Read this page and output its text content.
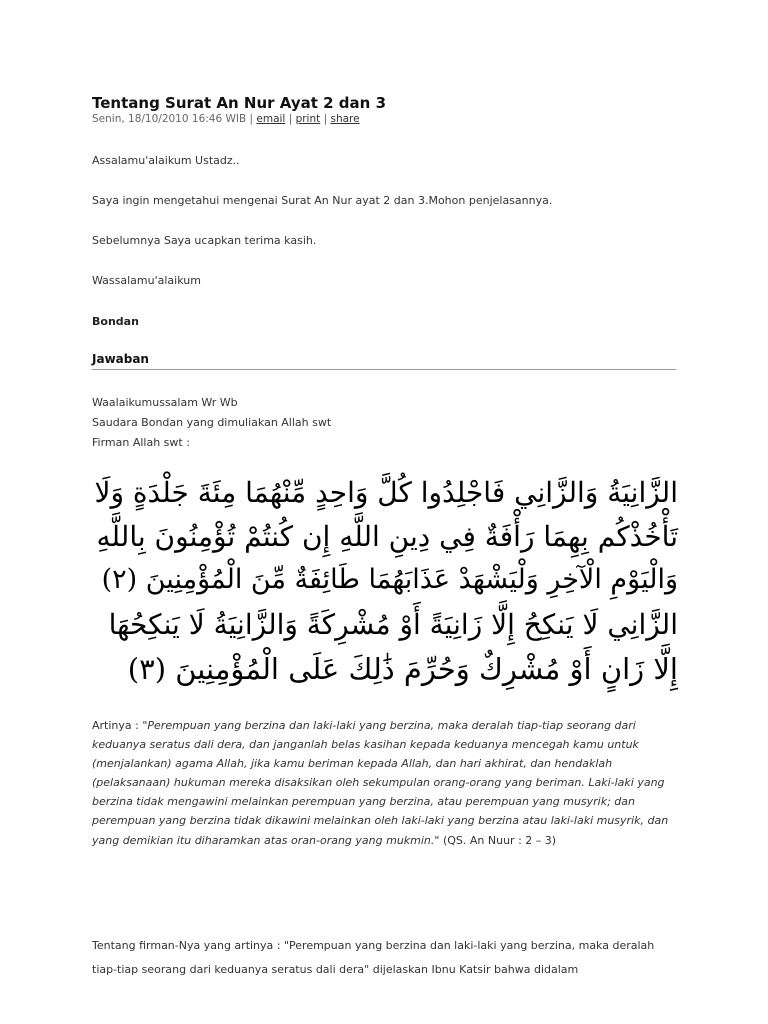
Tentang Surat An Nur Ayat 2 dan 3
Senin, 18/10/2010 16:46 WIB | email | print | share
Assalamu'alaikum Ustadz..
Saya ingin mengetahui mengenai Surat An Nur ayat 2 dan 3.Mohon penjelasannya.
Sebelumnya Saya ucapkan terima kasih.
Wassalamu'alaikum
Bondan
Jawaban
Waalaikumussalam Wr Wb
Saudara Bondan yang dimuliakan Allah swt
Firman Allah swt :
الزَّانِيَةُ وَالزَّانِي فَاجْلِدُوا كُلَّ وَاحِدٍ مِّنْهُمَا مِئَةَ جَلْدَةٍ وَلَا
تَأْخُذْكُم بِهِمَا رَأْفَةٌ فِي دِينِ اللَّهِ إِن كُنتُمْ تُؤْمِنُونَ بِاللَّهِ
وَالْيَوْمِ الْآخِرِ وَلْيَشْهَدْ عَذَابَهُمَا طَائِفَةٌ مِّنَ الْمُؤْمِنِينَ (٢)
الزَّانِي لَا يَنكِحُ إِلَّا زَانِيَةً أَوْ مُشْرِكَةً وَالزَّانِيَةُ لَا يَنكِحُهَا
إِلَّا زَانٍ أَوْ مُشْرِكٌ وَحُرِّمَ ذَٰلِكَ عَلَى الْمُؤْمِنِينَ (٣)
Artinya : "Perempuan yang berzina dan laki-laki yang berzina, maka deralah tiap-tiap seorang dari keduanya seratus dali dera, dan janganlah belas kasihan kepada keduanya mencegah kamu untuk (menjalankan) agama Allah, jika kamu beriman kepada Allah, dan hari akhirat, dan hendaklah (pelaksanaan) hukuman mereka disaksikan oleh sekumpulan orang-orang yang beriman. Laki-laki yang berzina tidak mengawini melainkan perempuan yang berzina, atau perempuan yang musyrik; dan perempuan yang berzina tidak dikawini melainkan oleh laki-laki yang berzina atau laki-laki musyrik, dan yang demikian itu diharamkan atas oran-orang yang mukmin." (QS. An Nuur : 2 – 3)
Tentang firman-Nya yang artinya : "Perempuan yang berzina dan laki-laki yang berzina, maka deralah tiap-tiap seorang dari keduanya seratus dali dera" dijelaskan Ibnu Katsir bahwa didalam
